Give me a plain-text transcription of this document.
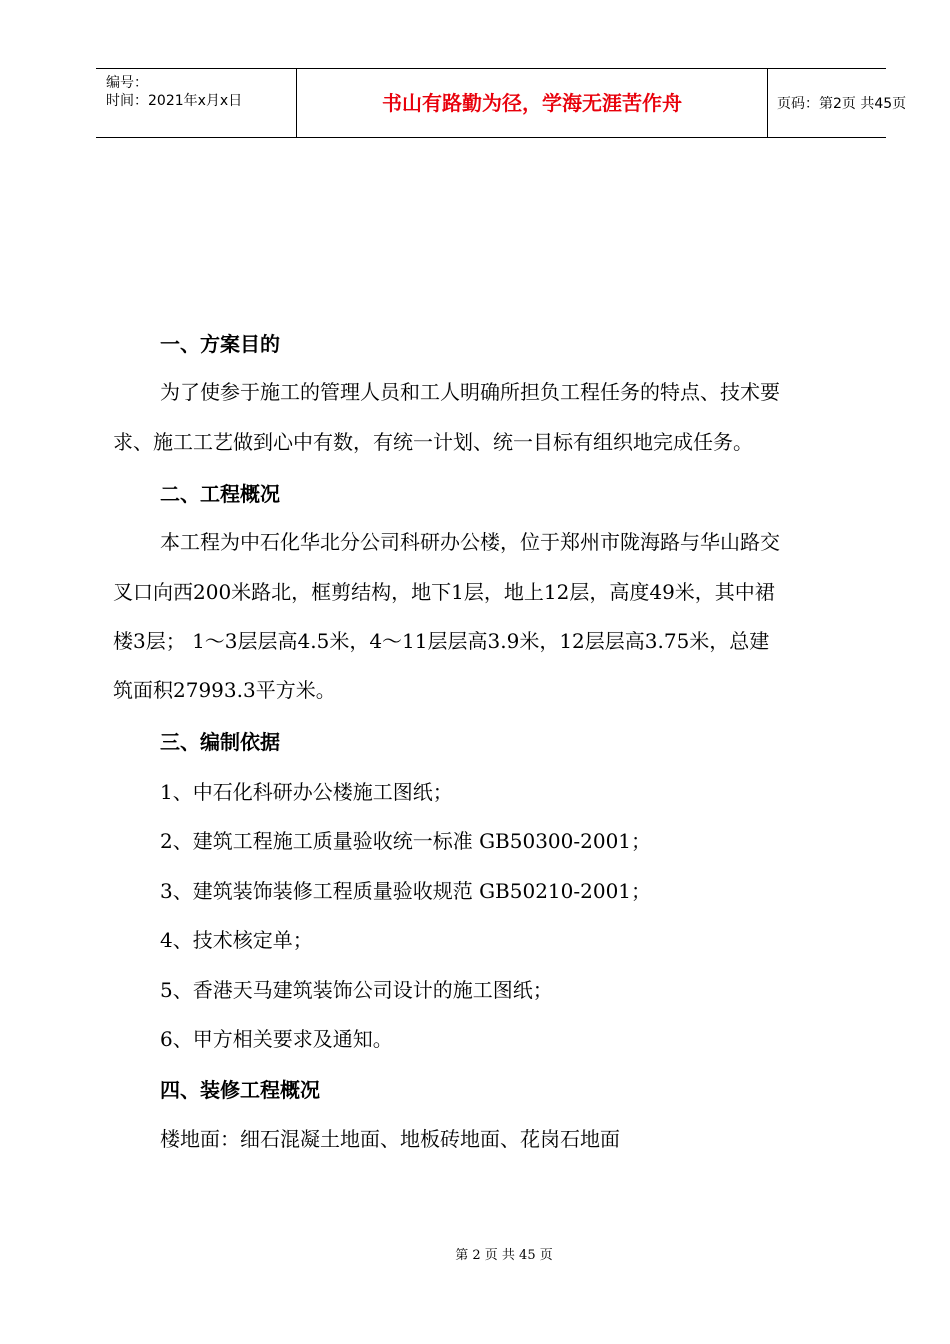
编号：
时间：2021年x月x日	书山有路勤为径，学海无涯苦作舟	页码：第2页 共45页
一、方案目的
为了使参于施工的管理人员和工人明确所担负工程任务的特点、技术要
求、施工工艺做到心中有数，有统一计划、统一目标有组织地完成任务。
二、工程概况
本工程为中石化华北分公司科研办公楼，位于郑州市陇海路与华山路交
叉口向西200米路北，框剪结构，地下1层，地上12层，高度49米，其中裙
楼3层； 1～3层层高4.5米，4～11层层高3.9米，12层层高3.75米，总建
筑面积27993.3平方米。
三、编制依据
1、中石化科研办公楼施工图纸；
2、建筑工程施工质量验收统一标准 GB50300-2001；
3、建筑装饰装修工程质量验收规范 GB50210-2001；
4、技术核定单；
5、香港天马建筑装饰公司设计的施工图纸；
6、甲方相关要求及通知。
四、装修工程概况
楼地面：细石混凝土地面、地板砖地面、花岗石地面
第 2 页 共 45 页
